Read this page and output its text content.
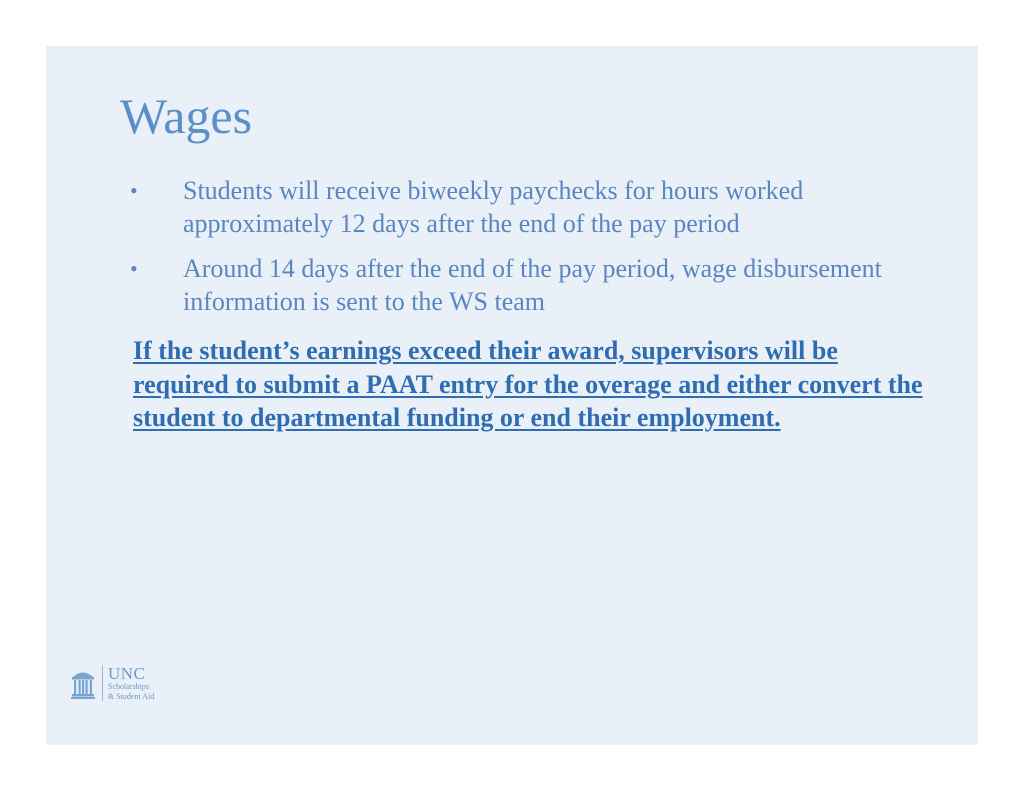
Wages
•	Students will receive biweekly paychecks for hours worked approximately 12 days after the end of the pay period
•	Around 14 days after the end of the pay period, wage disbursement information is sent to the WS team

If the student’s earnings exceed their award, supervisors will be required to submit a PAAT entry for the overage and either convert the student to departmental funding or end their employment.

UNC
Scholarships
& Student Aid
